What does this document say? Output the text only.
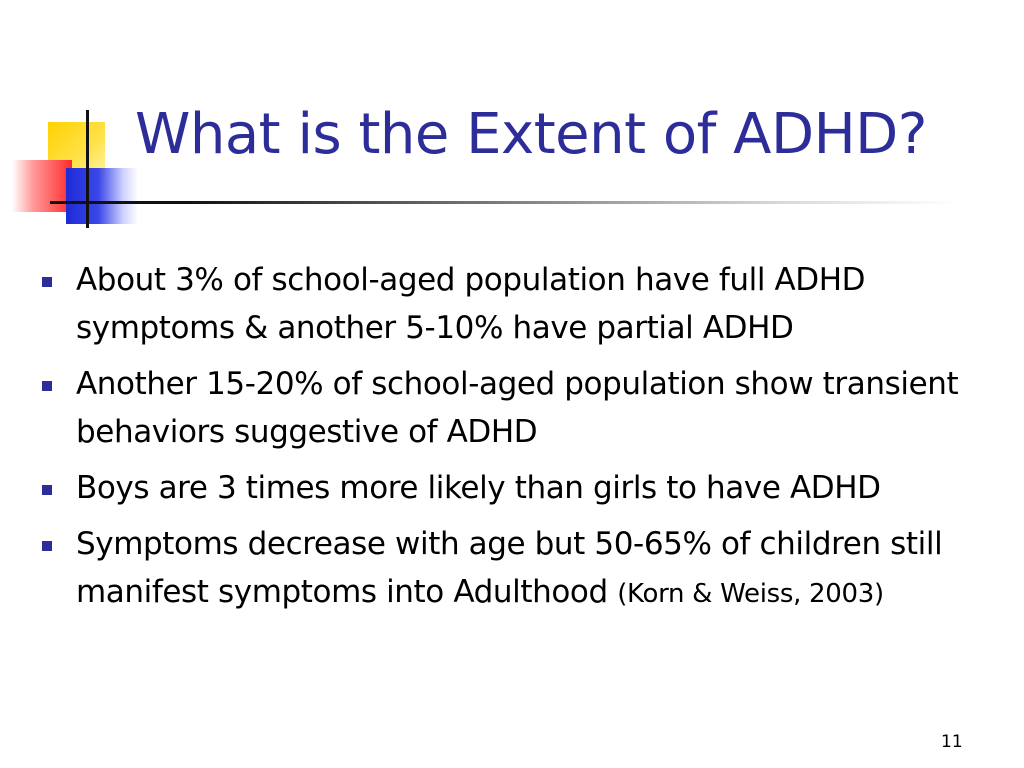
What is the Extent of ADHD?
About 3% of school-aged population have full ADHD symptoms & another 5-10% have partial ADHD
Another 15-20% of school-aged population show transient behaviors suggestive of ADHD
Boys are 3 times more likely than girls to have ADHD
Symptoms decrease with age but 50-65% of children still manifest symptoms into Adulthood (Korn & Weiss, 2003)
11
